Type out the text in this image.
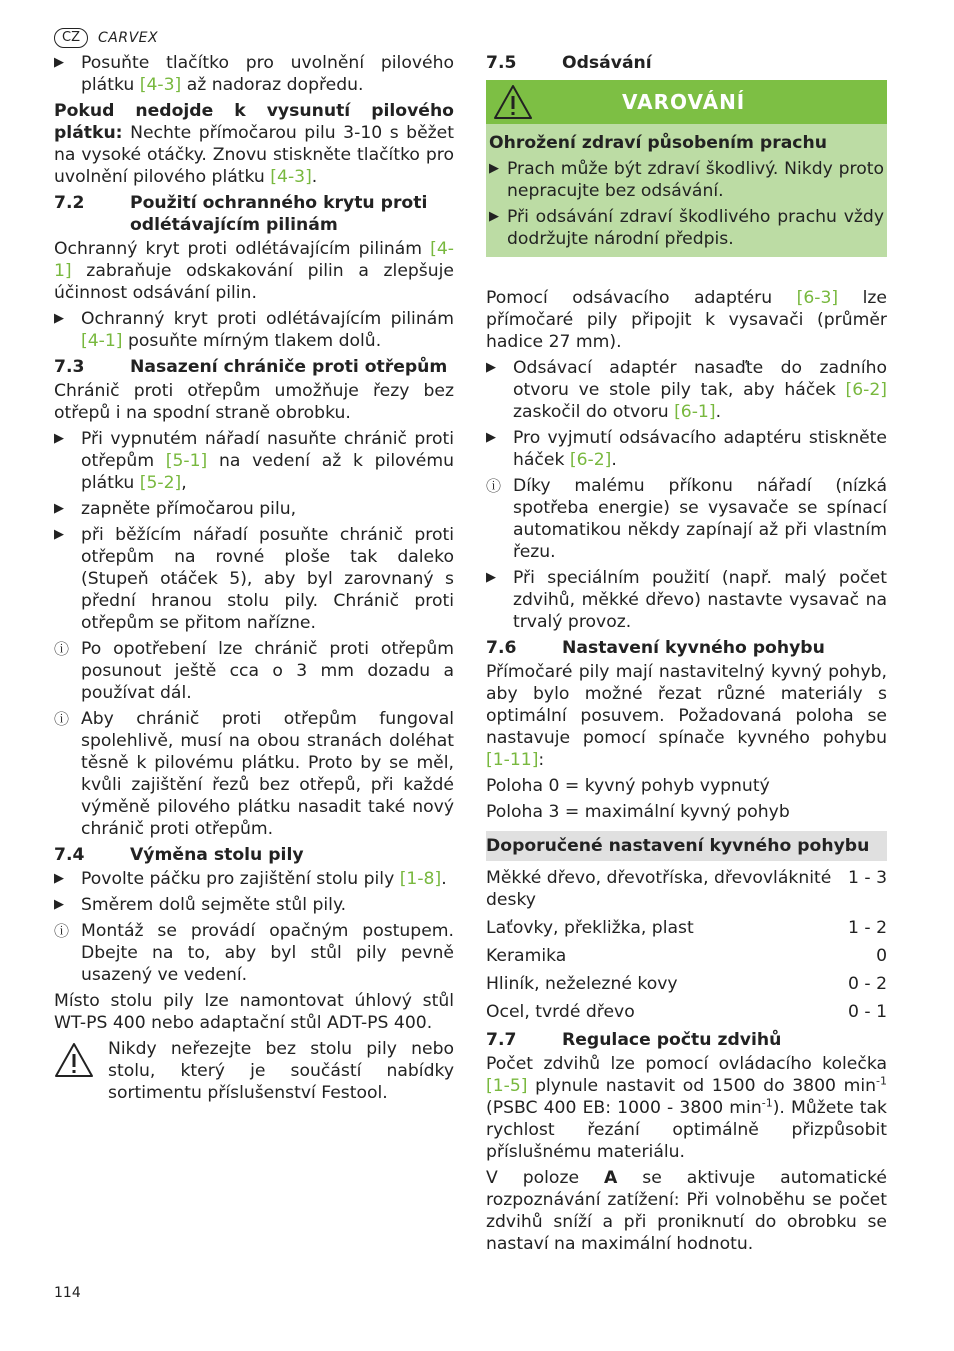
CZ	CARVEX
▶ Posuňte tlačítko pro uvolnění pilového plátku [4-3] až nadoraz dopředu.

Pokud nedojde k vysunutí pilového plátku: Nechte přímočarou pilu 3-10 s běžet na vysoké otáčky. Znovu stiskněte tlačítko pro uvolnění pilového plátku [4-3].

7.2	Použití ochranného krytu proti odlétávajícím pilinám

Ochranný kryt proti odlétávajícím pilinám [4-1] zabraňuje odskakování pilin a zlepšuje účinnost odsávání pilin.

▶ Ochranný kryt proti odlétávajícím pilinám [4-1] posuňte mírným tlakem dolů.
7.3	Nasazení chrániče proti otřepům

Chránič proti otřepům umožňuje řezy bez otřepů i na spodní straně obrobku.

▶ Při vypnutém nářadí nasuňte chránič proti otřepům [5-1] na vedení až k pilovému plátku [5-2],
▶ zapněte přímočarou pilu,
▶ při běžícím nářadí posuňte chránič proti otřepům na rovné ploše tak daleko (Stupeň otáček 5), aby byl zarovnaný s přední hranou stolu pily. Chránič proti otřepům se přitom nařízne.
ⓘ Po opotřebení lze chránič proti otřepům posunout ještě cca o 3 mm dozadu a používat dál.
ⓘ Aby chránič proti otřepům fungoval spolehlivě, musí na obou stranách doléhat těsně k pilovému plátku. Proto by se měl, kvůli zajištění řezů bez otřepů, při každé výměně pilového plátku nasadit také nový chránič proti otřepům.
7.4	Výměna stolu pily
▶ Povolte páčku pro zajištění stolu pily [1-8].
▶ Směrem dolů sejměte stůl pily.
ⓘ Montáž se provádí opačným postupem. Dbejte na to, aby byl stůl pily pevně usazený ve vedení.

Místo stolu pily lze namontovat úhlový stůl WT-PS 400 nebo adaptační stůl ADT-PS 400.

Nikdy neřezejte bez stolu pily nebo stolu, který je součástí nabídky sortimentu příslušenství Festool.
7.5	Odsávání
VAROVÁNÍ
Ohrožení zdraví působením prachu
▶ Prach může být zdraví škodlivý. Nikdy proto nepracujte bez odsávání.
▶ Při odsávání zdraví škodlivého prachu vždy dodržujte národní předpis.

Pomocí odsávacího adaptéru [6-3] lze přímočaré pily připojit k vysavači (průměr hadice 27 mm).

▶ Odsávací adaptér nasaďte do zadního otvoru ve stole pily tak, aby háček [6-2] zaskočil do otvoru [6-1].
▶ Pro vyjmutí odsávacího adaptéru stiskněte háček [6-2].
ⓘ Díky malému příkonu nářadí (nízká spotřeba energie) se vysavače se spínací automatikou někdy zapínají až při vlastním řezu.
▶ Při speciálním použití (např. malý počet zdvihů, měkké dřevo) nastavte vysavač na trvalý provoz.
7.6	Nastavení kyvného pohybu

Přímočaré pily mají nastavitelný kyvný pohyb, aby bylo možné řezat různé materiály s optimální posuvem. Požadovaná poloha se nastavuje pomocí spínače kyvného pohybu [1-11]:

Poloha 0 = kyvný pohyb vypnutý

Poloha 3 = maximální kyvný pohyb

Doporučené nastavení kyvného pohybu
Měkké dřevo, dřevotříska, dřevovláknité desky
1 - 3
Laťovky, překližka, plast	1 - 2
Keramika	0
Hliník, neželezné kovy	0 - 2
Ocel, tvrdé dřevo	0 - 1
7.7	Regulace počtu zdvihů

Počet zdvihů lze pomocí ovládacího kolečka [1-5] plynule nastavit od 1500 do 3800 $\min^{-1}$ (PSBC 400 EB: 1000 - 3800 $\min^{-1}$). Můžete tak rychlost řezání optimálně přizpůsobit příslušnému materiálu.

V poloze A se aktivuje automatické rozpoznávání zatížení: Při volnoběhu se počet zdvihů sníží a při proniknutí do obrobku se nastaví na maximální hodnotu.

114
